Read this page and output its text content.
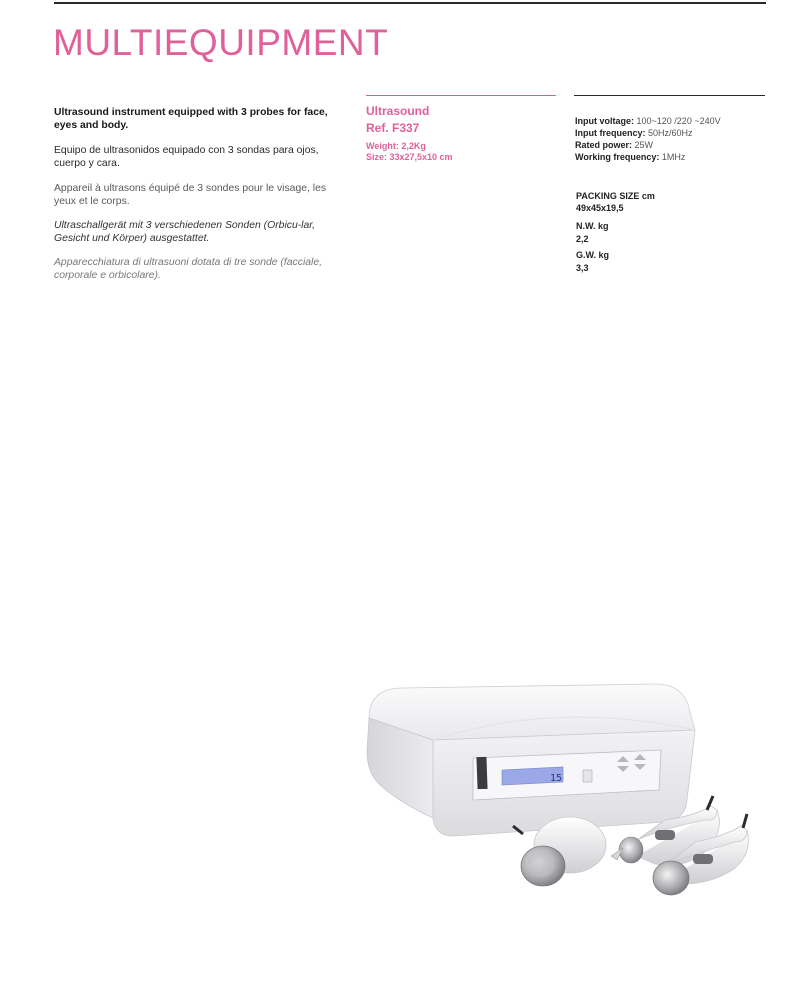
MULTIEQUIPMENT

Ultrasound instrument equipped with 3 probes for face, eyes and body.

Equipo de ultrasonidos equipado con 3 sondas para ojos, cuerpo y cara.

Appareil à ultrasons équipé de 3 sondes pour le visage, les yeux et le corps.

Ultraschallgerät mit 3 verschiedenen Sonden (Orbicu-lar, Gesicht und Körper) ausgestattet.

Apparecchiatura di ultrasuoni dotata di tre sonde (facciale, corporale e orbicolare).

Ultrasound
Ref. F337
Weight: 2,2Kg
Size: 33x27,5x10 cm
Input voltage: 100~120 /220 ~240V
Input frequency: 50Hz/60Hz
Rated power: 25W
Working frequency: 1MHz
PACKING SIZE cm
49x45x19,5
N.W. kg
2,2
G.W. kg
3,3
15
